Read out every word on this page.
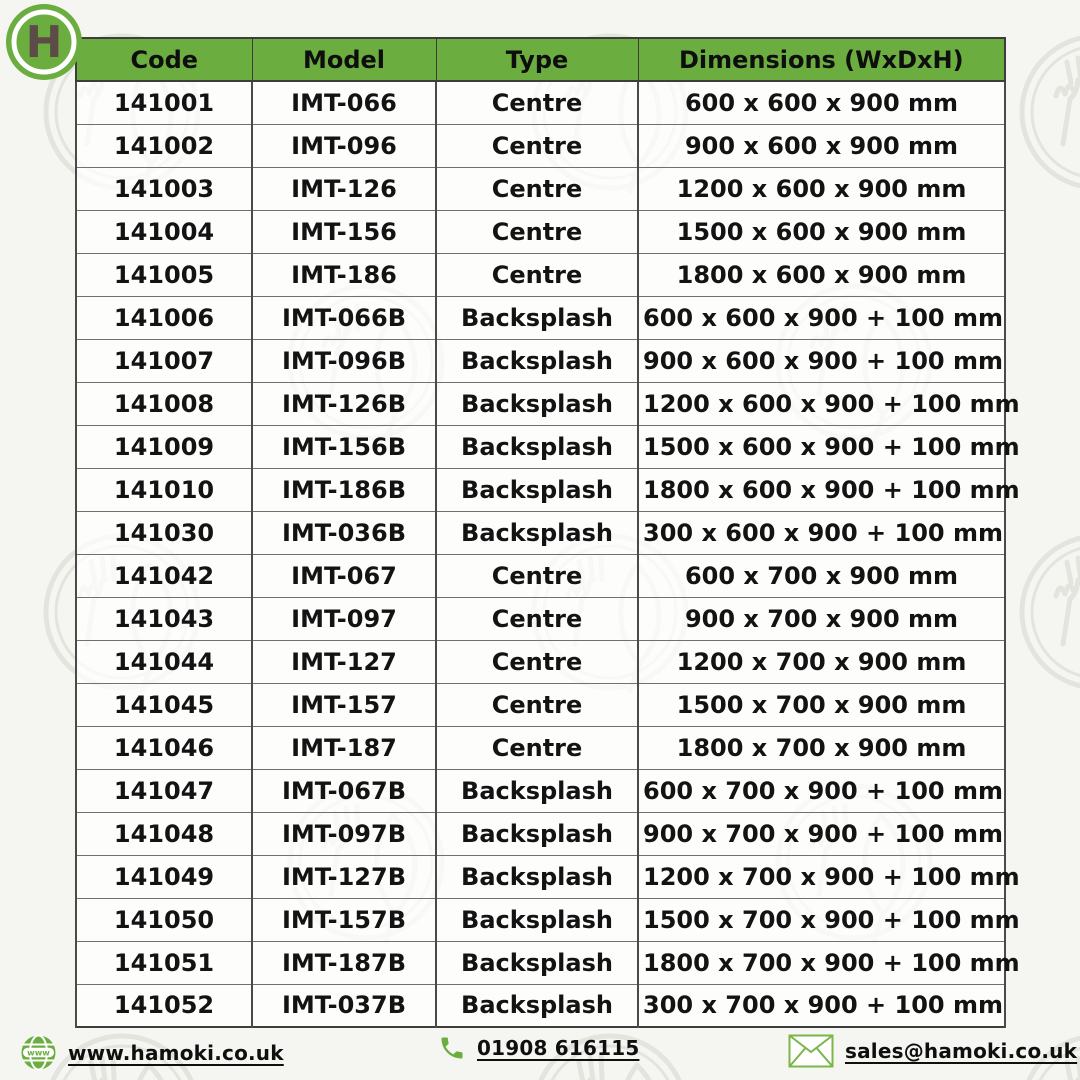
H	Code	Model	Type	Dimensions (WxDxH)
141001	IMT-066	Centre	600 x 600 x 900 mm
141002	IMT-096	Centre	900 x 600 x 900 mm
141003	IMT-126	Centre	1200 x 600 x 900 mm
141004	IMT-156	Centre	1500 x 600 x 900 mm
141005	IMT-186	Centre	1800 x 600 x 900 mm
141006	IMT-066B	Backsplash	600 x 600 x 900 + 100 mm
141007	IMT-096B	Backsplash	900 x 600 x 900 + 100 mm
141008	IMT-126B	Backsplash	1200 x 600 x 900 + 100 mm
141009	IMT-156B	Backsplash	1500 x 600 x 900 + 100 mm
141010	IMT-186B	Backsplash	1800 x 600 x 900 + 100 mm
141030	IMT-036B	Backsplash	300 x 600 x 900 + 100 mm
141042	IMT-067	Centre	600 x 700 x 900 mm
141043	IMT-097	Centre	900 x 700 x 900 mm
141044	IMT-127	Centre	1200 x 700 x 900 mm
141045	IMT-157	Centre	1500 x 700 x 900 mm
141046	IMT-187	Centre	1800 x 700 x 900 mm
141047	IMT-067B	Backsplash	600 x 700 x 900 + 100 mm
141048	IMT-097B	Backsplash	900 x 700 x 900 + 100 mm
141049	IMT-127B	Backsplash	1200 x 700 x 900 + 100 mm
141050	IMT-157B	Backsplash	1500 x 700 x 900 + 100 mm
141051	IMT-187B	Backsplash	1800 x 700 x 900 + 100 mm
141052	IMT-037B	Backsplash	300 x 700 x 900 + 100 mm
www www.hamoki.co.uk	01908 616115	sales@hamoki.co.uk
